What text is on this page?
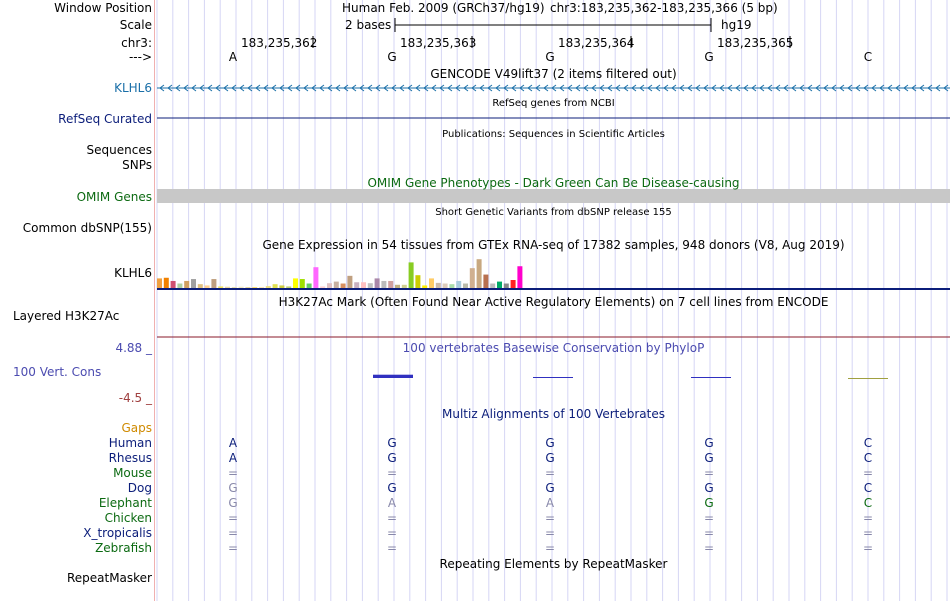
Window Position	Human Feb. 2009 (GRCh37/hg19) chr3:183,235,362-183,235,366 (5 bp)
Scale	2 bases	hg19
chr3:	183,235,362	183,235,363	183,235,364	183,235,365
--->	A	G	G	G	C
GENCODE V49lift37 (2 items filtered out)
KLHL6
RefSeq genes from NCBI
RefSeq Curated
Publications: Sequences in Scientific Articles
Sequences
SNPs
OMIM Gene Phenotypes - Dark Green Can Be Disease-causing
OMIM Genes
Short Genetic Variants from dbSNP release 155
Common dbSNP(155)
Gene Expression in 54 tissues from GTEx RNA-seq of 17382 samples, 948 donors (V8, Aug 2019)
KLHL6
H3K27Ac Mark (Often Found Near Active Regulatory Elements) on 7 cell lines from ENCODE
Layered H3K27Ac
100 vertebrates Basewise Conservation by PhyloP
4.88 _
100 Vert. Cons
-4.5 _
Multiz Alignments of 100 Vertebrates
Gaps
Human	A	G	G	G	C
Rhesus	A	G	G	G	C
Mouse	=	=	=	=	=
Dog	G	G	G	G	C
Elephant	G	A	A	G	C
Chicken	=	=	=	=	=
X_tropicalis	=	=	=	=	=
Zebrafish	=	=	=	=	=
Repeating Elements by RepeatMasker
RepeatMasker
